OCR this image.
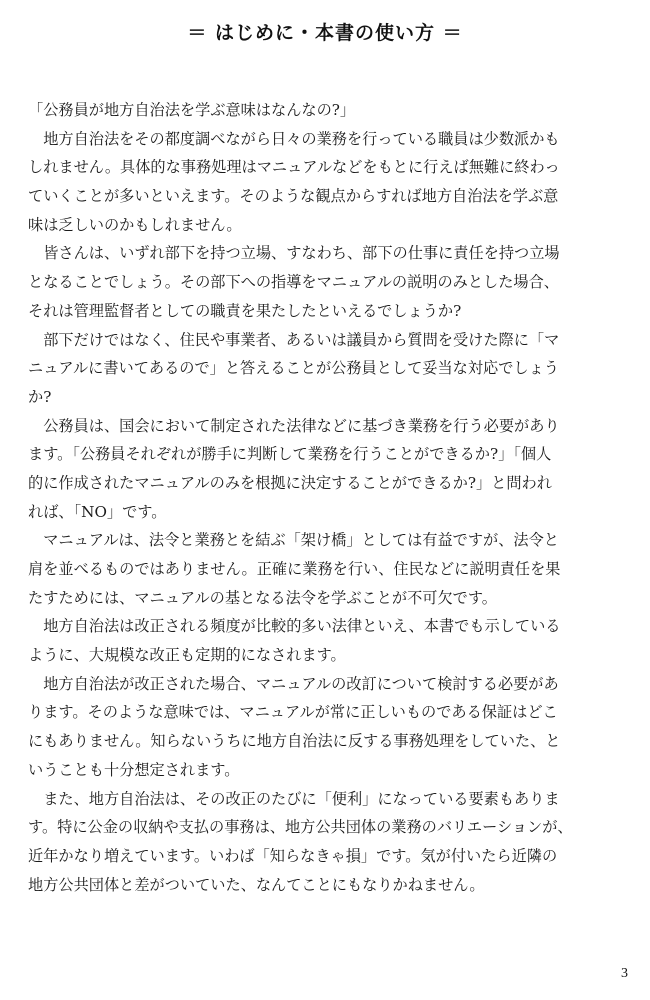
＝ はじめに・本書の使い方 ＝
「公務員が地方自治法を学ぶ意味はなんなの?」
　地方自治法をその都度調べながら日々の業務を行っている職員は少数派かも
しれません。具体的な事務処理はマニュアルなどをもとに行えば無難に終わっ
ていくことが多いといえます。そのような観点からすれば地方自治法を学ぶ意
味は乏しいのかもしれません。
　皆さんは、いずれ部下を持つ立場、すなわち、部下の仕事に責任を持つ立場
となることでしょう。その部下への指導をマニュアルの説明のみとした場合、
それは管理監督者としての職責を果たしたといえるでしょうか?
　部下だけではなく、住民や事業者、あるいは議員から質問を受けた際に「マ
ニュアルに書いてあるので」と答えることが公務員として妥当な対応でしょう
か?
　公務員は、国会において制定された法律などに基づき業務を行う必要があり
ます。「公務員それぞれが勝手に判断して業務を行うことができるか?」「個人
的に作成されたマニュアルのみを根拠に決定することができるか?」と問われ
れば、「NO」です。
　マニュアルは、法令と業務とを結ぶ「架け橋」としては有益ですが、法令と
肩を並べるものではありません。正確に業務を行い、住民などに説明責任を果
たすためには、マニュアルの基となる法令を学ぶことが不可欠です。
　地方自治法は改正される頻度が比較的多い法律といえ、本書でも示している
ように、大規模な改正も定期的になされます。
　地方自治法が改正された場合、マニュアルの改訂について検討する必要があ
ります。そのような意味では、マニュアルが常に正しいものである保証はどこ
にもありません。知らないうちに地方自治法に反する事務処理をしていた、と
いうことも十分想定されます。
　また、地方自治法は、その改正のたびに「便利」になっている要素もありま
す。特に公金の収納や支払の事務は、地方公共団体の業務のバリエーションが、
近年かなり増えています。いわば「知らなきゃ損」です。気が付いたら近隣の
地方公共団体と差がついていた、なんてことにもなりかねません。
3
